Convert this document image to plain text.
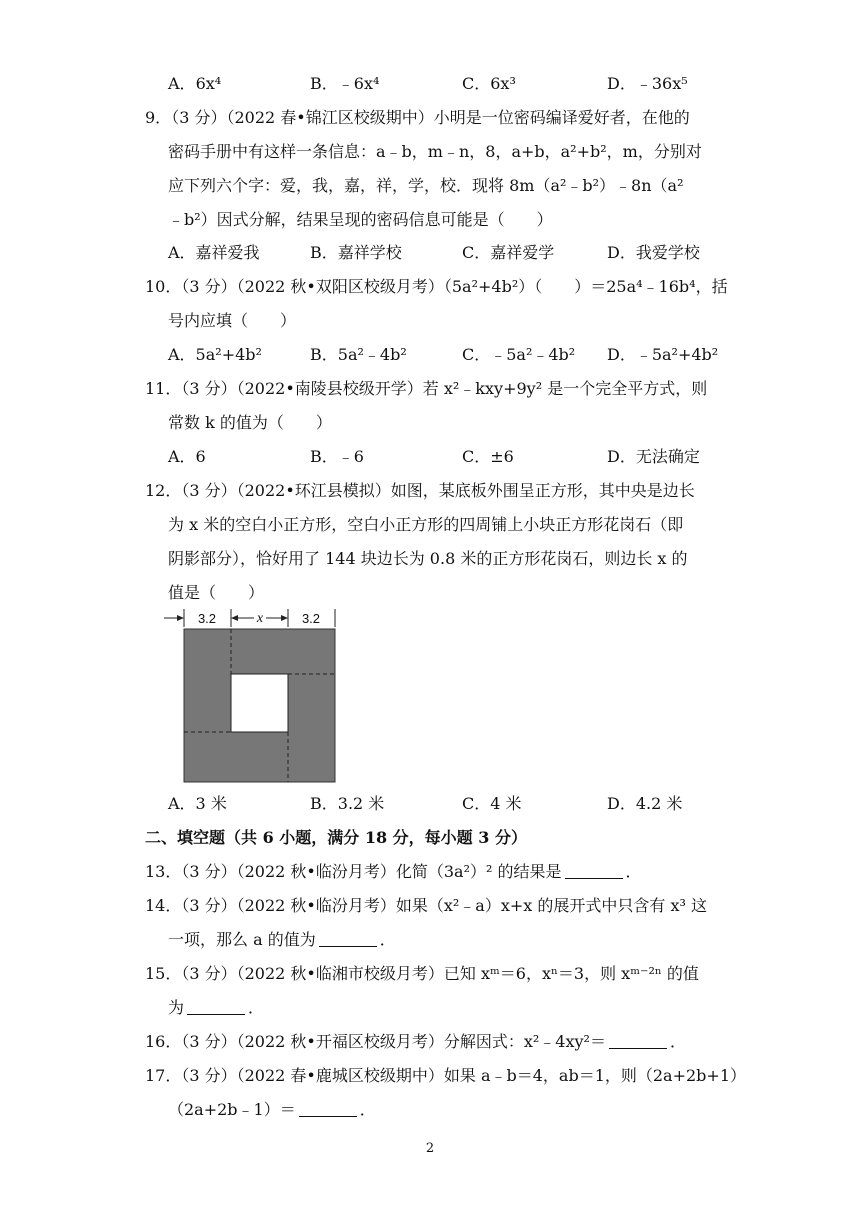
A．6x⁴	B．﹣6x⁴	C．6x³	D．﹣36x⁵
9．（3 分）（2022 春•锦江区校级期中）小明是一位密码编译爱好者，在他的
密码手册中有这样一条信息：a﹣b，m﹣n，8，a+b，a²+b²，m，分别对
应下列六个字：爱，我，嘉，祥，学，校．现将 8m（a²﹣b²）﹣8n（a²
﹣b²）因式分解，结果呈现的密码信息可能是（　　）
A．嘉祥爱我	B．嘉祥学校	C．嘉祥爱学	D．我爱学校
10．（3 分）（2022 秋•双阳区校级月考）（5a²+4b²）（　　）＝25a⁴﹣16b⁴，括
号内应填（　　）
A．5a²+4b²	B．5a²﹣4b²	C．﹣5a²﹣4b² D．﹣5a²+4b²
11．（3 分）（2022•南陵县校级开学）若 x²﹣kxy+9y² 是一个完全平方式，则
常数 k 的值为（　　）
A．6	B．﹣6	C．±6	D．无法确定
12．（3 分）（2022•环江县模拟）如图，某底板外围呈正方形，其中央是边长
为 x 米的空白小正方形，空白小正方形的四周铺上小块正方形花岗石（即
阴影部分），恰好用了 144 块边长为 0.8 米的正方形花岗石，则边长 x 的
值是（　　）
3.2	x	3.2
A．3 米	B．3.2 米	C．4 米	D．4.2 米
二、填空题（共 6 小题，满分 18 分，每小题 3 分）
13．（3 分）（2022 秋•临汾月考）化简（3a²）² 的结果是	．
14．（3 分）（2022 秋•临汾月考）如果（x²﹣a）x+x 的展开式中只含有 x³ 这
一项，那么 a 的值为	．
15．（3 分）（2022 秋•临湘市校级月考）已知 xᵐ＝6，xⁿ＝3，则 xᵐ⁻²ⁿ 的值
为	．
16．（3 分）（2022 秋•开福区校级月考）分解因式：x²﹣4xy²＝	．
17．（3 分）（2022 春•鹿城区校级期中）如果 a﹣b＝4，ab＝1，则（2a+2b+1）
（2a+2b﹣1）＝	．
2
